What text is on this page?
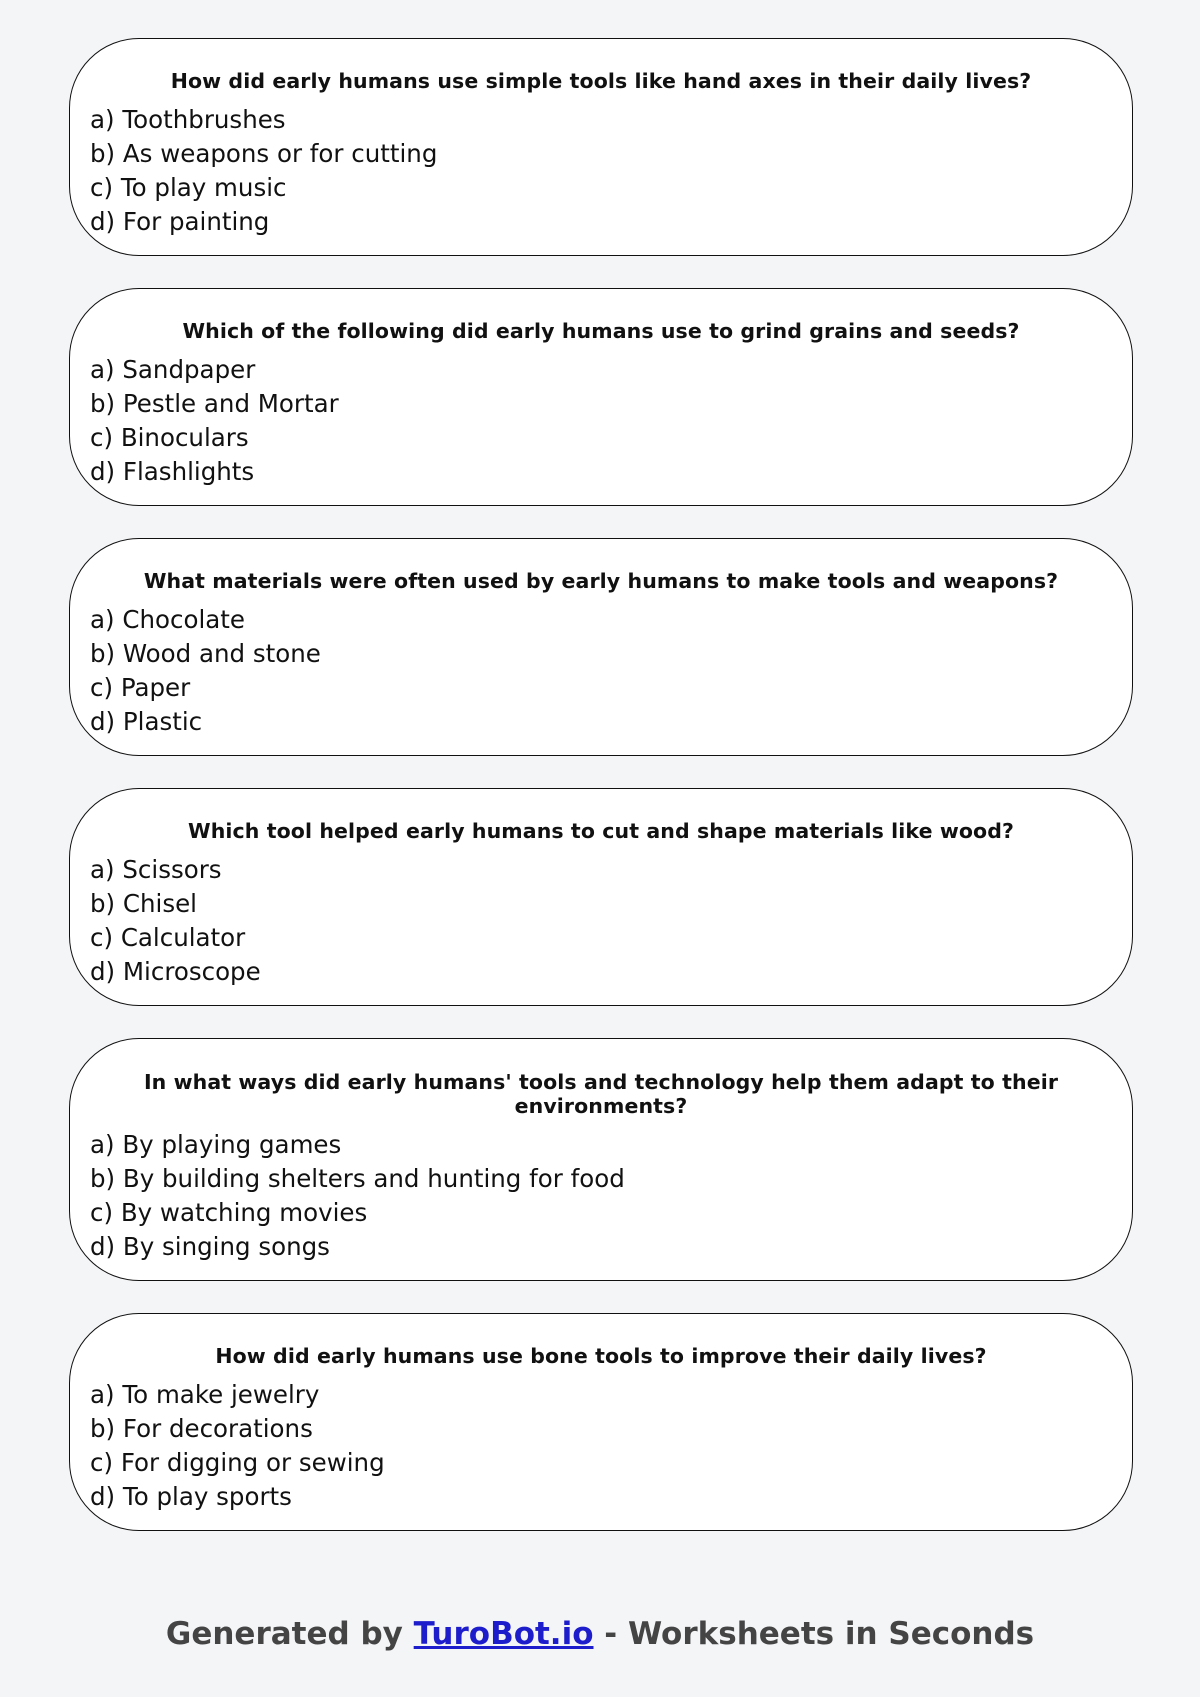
How did early humans use simple tools like hand axes in their daily lives?
a) Toothbrushes
b) As weapons or for cutting
c) To play music
d) For painting
Which of the following did early humans use to grind grains and seeds?
a) Sandpaper
b) Pestle and Mortar
c) Binoculars
d) Flashlights
What materials were often used by early humans to make tools and weapons?
a) Chocolate
b) Wood and stone
c) Paper
d) Plastic
Which tool helped early humans to cut and shape materials like wood?
a) Scissors
b) Chisel
c) Calculator
d) Microscope
In what ways did early humans' tools and technology help them adapt to their environments?
a) By playing games
b) By building shelters and hunting for food
c) By watching movies
d) By singing songs
How did early humans use bone tools to improve their daily lives?
a) To make jewelry
b) For decorations
c) For digging or sewing
d) To play sports
Generated by TuroBot.io - Worksheets in Seconds
